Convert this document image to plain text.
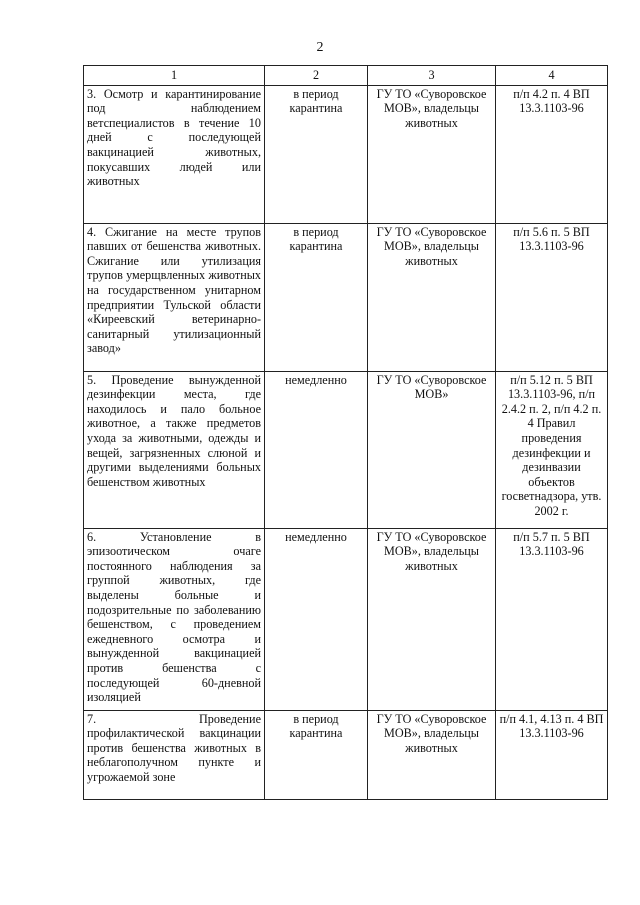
2
1	2	3	4
3. Осмотр и карантинирование под наблюдением ветспециалистов в течение 10 дней с последующей вакцинацией животных, покусавших людей или животных	в период карантина	ГУ ТО «Суворовское МОВ», владельцы животных	п/п 4.2 п. 4 ВП 13.3.1103-96
4. Сжигание на месте трупов павших от бешенства животных. Сжигание или утилизация трупов умерщвленных животных на государственном унитарном предприятии Тульской области «Киреевский ветеринарно-санитарный утилизационный завод»	в период карантина	ГУ ТО «Суворовское МОВ», владельцы животных	п/п 5.6 п. 5 ВП 13.3.1103-96
5. Проведение вынужденной дезинфекции места, где находилось и пало больное животное, а также предметов ухода за животными, одежды и вещей, загрязненных слюной и другими выделениями больных бешенством животных	немедленно	ГУ ТО «Суворовское МОВ»	п/п 5.12 п. 5 ВП 13.3.1103-96, п/п 2.4.2 п. 2, п/п 4.2 п. 4 Правил проведения дезинфекции и дезинвазии объектов госветнадзора, утв. 2002 г.
6. Установление в эпизоотическом очаге постоянного наблюдения за группой животных, где выделены больные и подозрительные по заболеванию бешенством, с проведением ежедневного осмотра и вынужденной вакцинацией против бешенства с последующей 60-дневной изоляцией	немедленно	ГУ ТО «Суворовское МОВ», владельцы животных	п/п 5.7 п. 5 ВП 13.3.1103-96
7. Проведение профилактической вакцинации против бешенства животных в неблагополучном пункте и угрожаемой зоне	в период карантина	ГУ ТО «Суворовское МОВ», владельцы животных	п/п 4.1, 4.13 п. 4 ВП 13.3.1103-96
